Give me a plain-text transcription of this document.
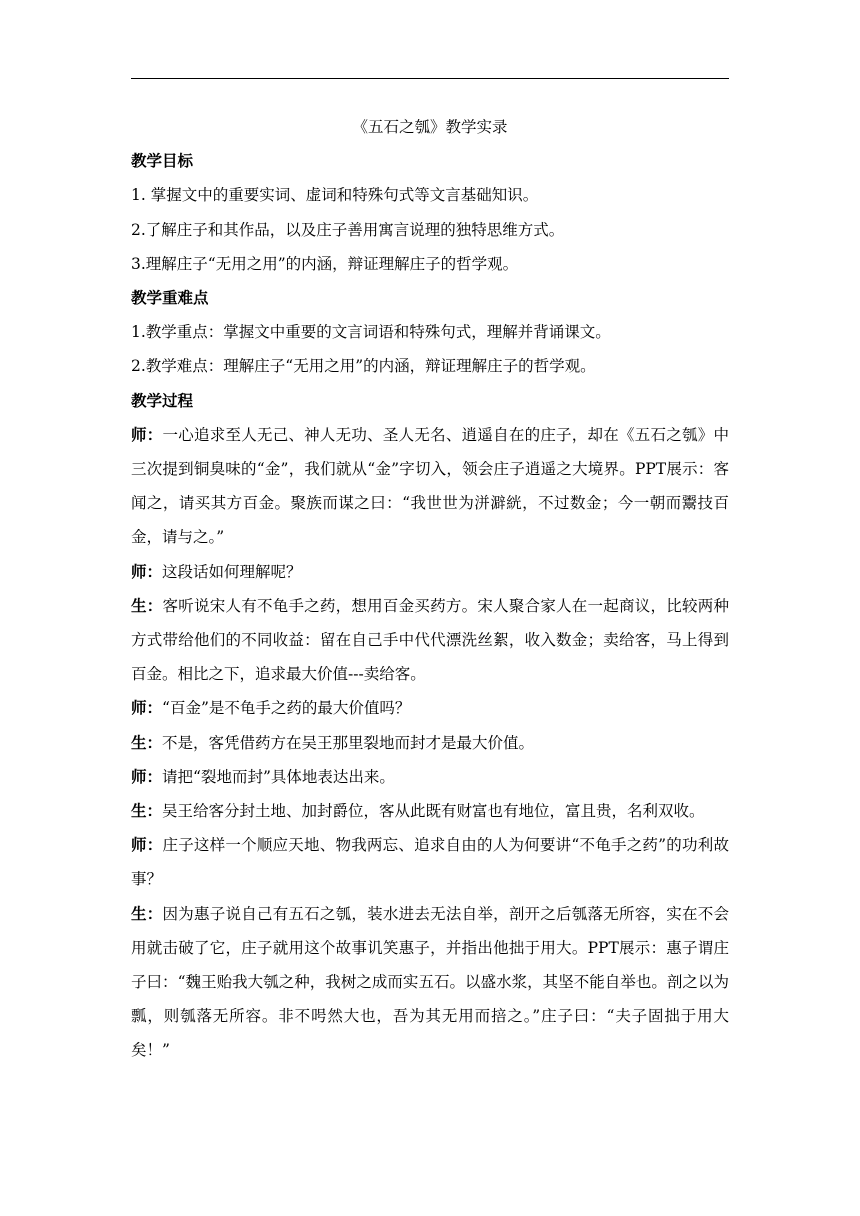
《五石之瓠》教学实录

教学目标

1. 掌握文中的重要实词、虚词和特殊句式等文言基础知识。

2.了解庄子和其作品，以及庄子善用寓言说理的独特思维方式。

3.理解庄子“无用之用”的内涵，辩证理解庄子的哲学观。

教学重难点

1.教学重点：掌握文中重要的文言词语和特殊句式，理解并背诵课文。

2.教学难点：理解庄子“无用之用”的内涵，辩证理解庄子的哲学观。

教学过程

师：一心追求至人无己、神人无功、圣人无名、逍遥自在的庄子，却在《五石之瓠》中三次提到铜臭味的“金”，我们就从“金”字切入，领会庄子逍遥之大境界。PPT展示：客闻之，请买其方百金。聚族而谋之曰：“我世世为洴澼絖，不过数金；今一朝而鬻技百金，请与之。”

师：这段话如何理解呢？

生：客听说宋人有不龟手之药，想用百金买药方。宋人聚合家人在一起商议，比较两种方式带给他们的不同收益：留在自己手中代代漂洗丝絮，收入数金；卖给客，马上得到百金。相比之下，追求最大价值---卖给客。

师：“百金”是不龟手之药的最大价值吗？

生：不是，客凭借药方在吴王那里裂地而封才是最大价值。

师：请把“裂地而封”具体地表达出来。

生：吴王给客分封土地、加封爵位，客从此既有财富也有地位，富且贵，名利双收。

师：庄子这样一个顺应天地、物我两忘、追求自由的人为何要讲“不龟手之药”的功利故事？

生：因为惠子说自己有五石之瓠，装水进去无法自举，剖开之后瓠落无所容，实在不会用就击破了它，庄子就用这个故事讥笑惠子，并指出他拙于用大。PPT展示：惠子谓庄子曰：“魏王贻我大瓠之种，我树之成而实五石。以盛水浆，其坚不能自举也。剖之以为瓢，则瓠落无所容。非不呺然大也，吾为其无用而掊之。”庄子曰：“夫子固拙于用大矣！”
